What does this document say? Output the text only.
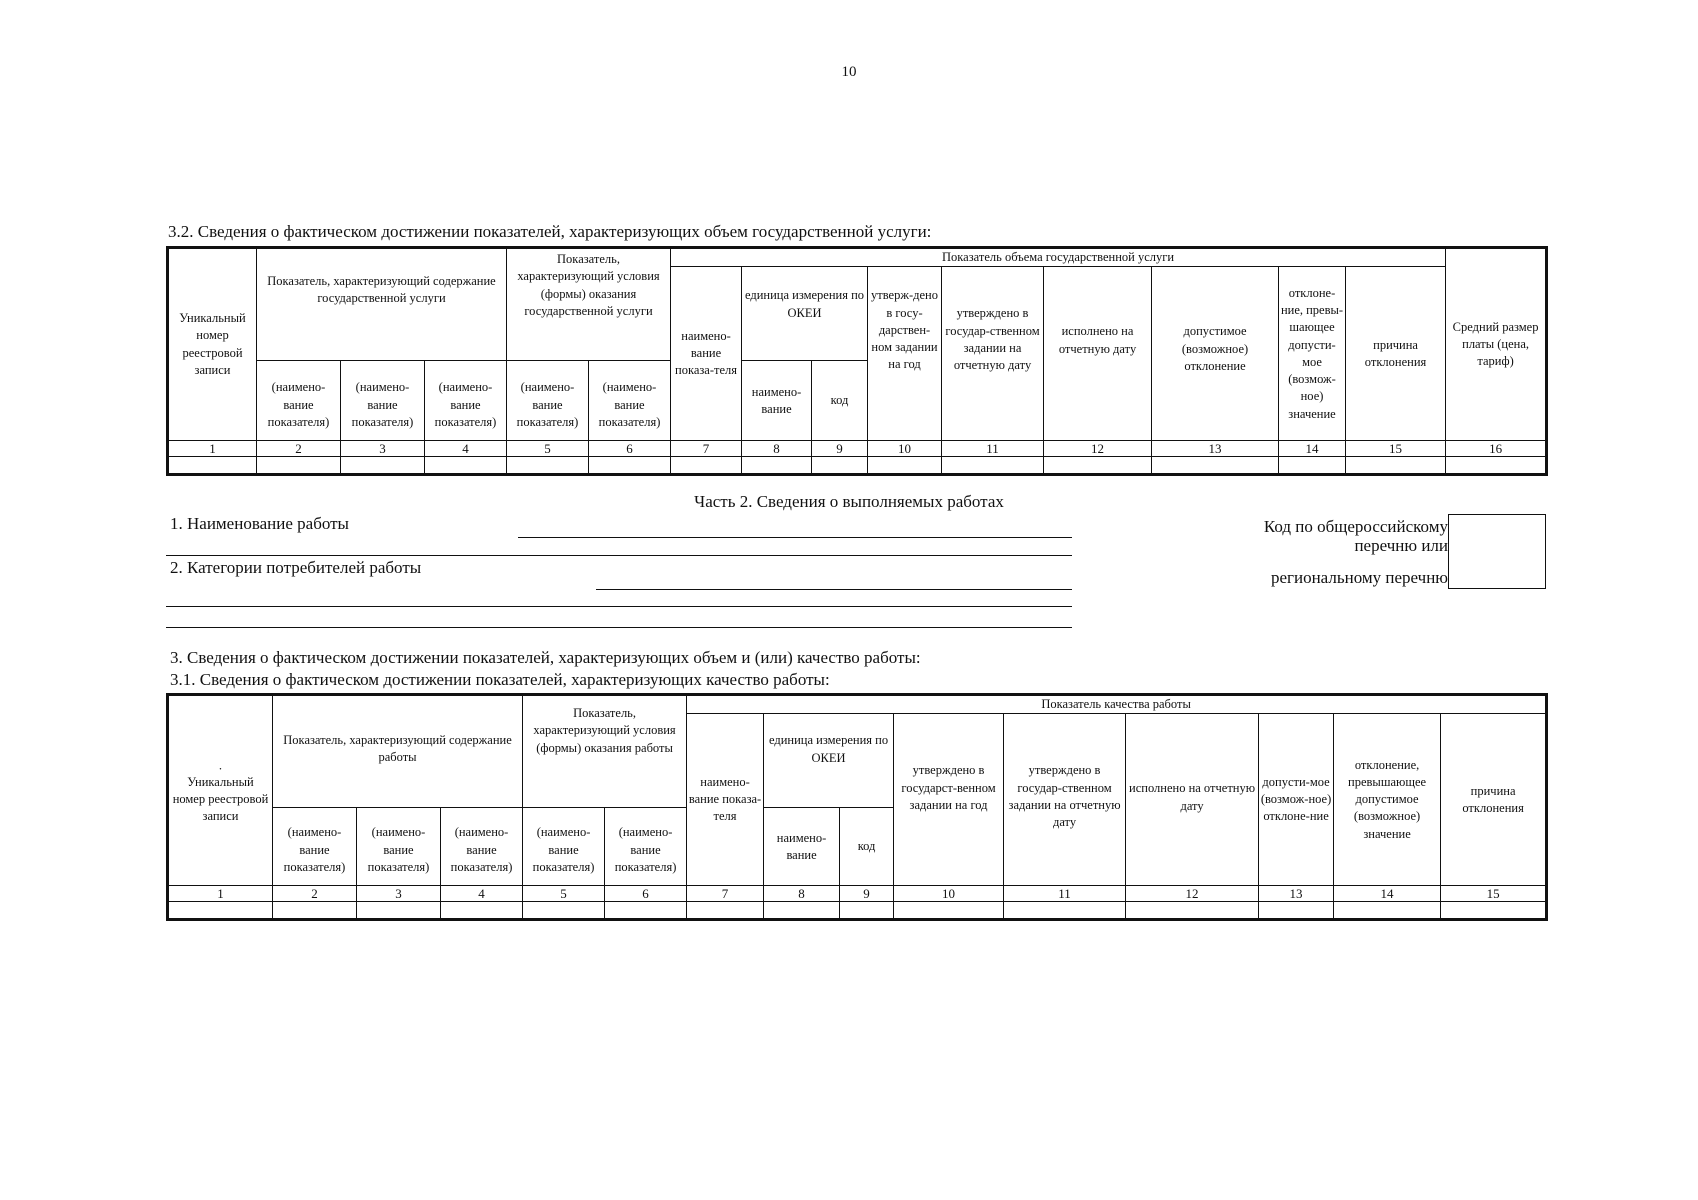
10
3.2. Сведения о фактическом достижении показателей, характеризующих объем государственной услуги:
Уникальный номер реестровой записи	Показатель, характеризующий содержание государственной услуги			Показатель, характеризующий условия (формы) оказания государственной услуги		Показатель объема государственной услуги									Средний размер платы (цена, тариф)
						наимено-вание показа-теля	единица измерения по ОКЕИ		утверж-дено в госу-дарствен-ном задании на год	утверждено в государ-ственном задании на отчетную дату	исполнено на отчетную дату	допустимое (возможное) отклонение	отклоне-ние, превы-шающее допусти-мое (возмож-ное) значение	причина отклонения	
	(наимено-вание показателя)	(наимено-вание показателя)	(наимено-вание показателя)	(наимено-вание показателя)	(наимено-вание показателя)		наимено-вание	код							
1	2	3	4	5	6	7	8	9	10	11	12	13	14	15	16

Часть 2. Сведения о выполняемых работах
1. Наименование работы
2. Категории потребителей работы
Код по общероссийскому
перечню или
региональному перечню
3. Сведения о фактическом достижении показателей, характеризующих объем и (или) качество работы:
3.1. Сведения о фактическом достижении показателей, характеризующих качество работы:
·
Уникальный номер реестровой записи	Показатель, характеризующий содержание работы			Показатель, характеризующий условия (формы) оказания работы		Показатель качества работы								
						наимено-вание показа-теля	единица измерения по ОКЕИ		утверждено в государст-венном задании на год	утверждено в государ-ственном задании на отчетную дату	исполнено на отчетную дату	допусти-мое (возмож-ное) отклоне-ние	отклонение, превышающее допустимое (возможное) значение	причина отклонения
	(наимено-вание показателя)	(наимено-вание показателя)	(наимено-вание показателя)	(наимено-вание показателя)	(наимено-вание показателя)		наимено-вание	код						
1	2	3	4	5	6	7	8	9	10	11	12	13	14	15
